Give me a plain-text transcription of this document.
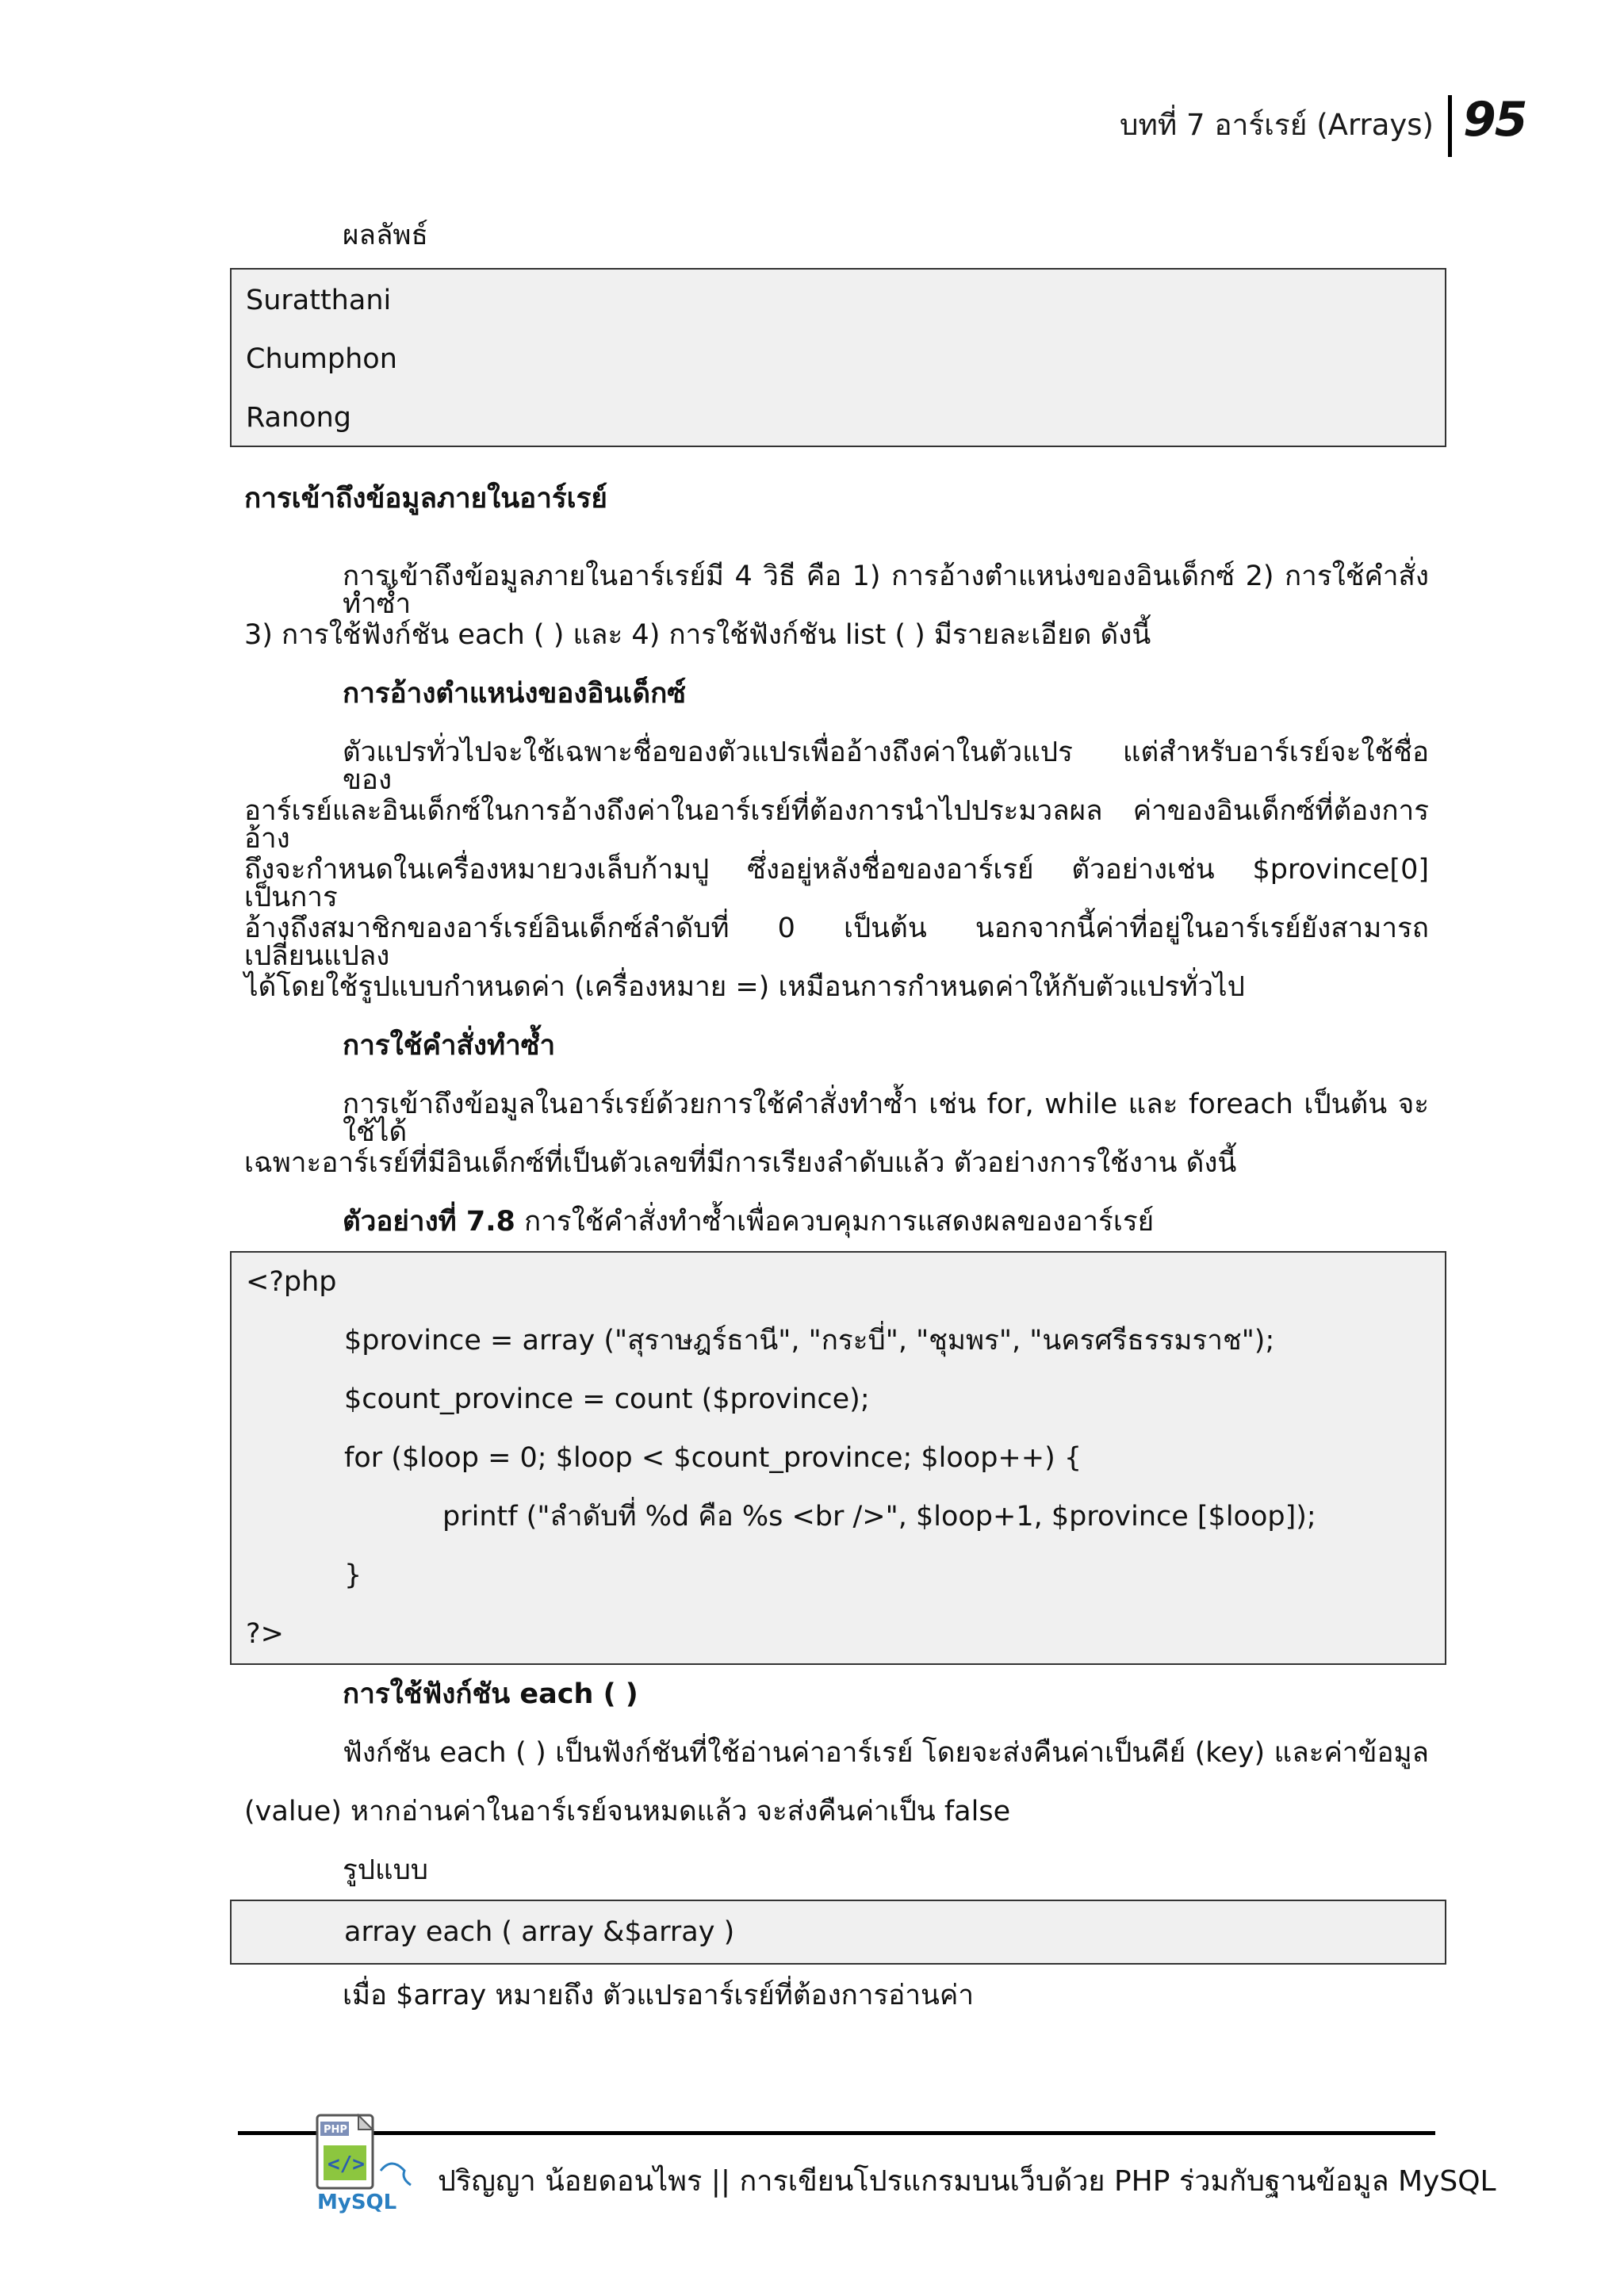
บทที่ 7 อาร์เรย์ (Arrays) 95
ผลลัพธ์
Suratthani
Chumphon
Ranong
การเข้าถึงข้อมูลภายในอาร์เรย์
การเข้าถึงข้อมูลภายในอาร์เรย์มี 4 วิธี คือ 1) การอ้างตำแหน่งของอินเด็กซ์ 2) การใช้คำสั่งทำซ้ำ
3) การใช้ฟังก์ชัน each ( ) และ 4) การใช้ฟังก์ชัน list ( ) มีรายละเอียด ดังนี้
การอ้างตำแหน่งของอินเด็กซ์
ตัวแปรทั่วไปจะใช้เฉพาะชื่อของตัวแปรเพื่ออ้างถึงค่าในตัวแปร แต่สำหรับอาร์เรย์จะใช้ชื่อของ
อาร์เรย์และอินเด็กซ์ในการอ้างถึงค่าในอาร์เรย์ที่ต้องการนำไปประมวลผล ค่าของอินเด็กซ์ที่ต้องการอ้าง
ถึงจะกำหนดในเครื่องหมายวงเล็บก้ามปู ซึ่งอยู่หลังชื่อของอาร์เรย์ ตัวอย่างเช่น $province[0] เป็นการ
อ้างถึงสมาชิกของอาร์เรย์อินเด็กซ์ลำดับที่ 0 เป็นต้น นอกจากนี้ค่าที่อยู่ในอาร์เรย์ยังสามารถเปลี่ยนแปลง
ได้โดยใช้รูปแบบกำหนดค่า (เครื่องหมาย =) เหมือนการกำหนดค่าให้กับตัวแปรทั่วไป
การใช้คำสั่งทำซ้ำ
การเข้าถึงข้อมูลในอาร์เรย์ด้วยการใช้คำสั่งทำซ้ำ เช่น for, while และ foreach เป็นต้น จะใช้ได้
เฉพาะอาร์เรย์ที่มีอินเด็กซ์ที่เป็นตัวเลขที่มีการเรียงลำดับแล้ว ตัวอย่างการใช้งาน ดังนี้
ตัวอย่างที่ 7.8 การใช้คำสั่งทำซ้ำเพื่อควบคุมการแสดงผลของอาร์เรย์
<?php
$province = array ("สุราษฎร์ธานี", "กระบี่", "ชุมพร", "นครศรีธรรมราช");
$count_province = count ($province);
for ($loop = 0; $loop < $count_province; $loop++) {
printf ("ลำดับที่ %d คือ %s <br />", $loop+1, $province [$loop]);
}
?>
การใช้ฟังก์ชัน each ( )
ฟังก์ชัน each ( ) เป็นฟังก์ชันที่ใช้อ่านค่าอาร์เรย์ โดยจะส่งคืนค่าเป็นคีย์ (key) และค่าข้อมูล
(value) หากอ่านค่าในอาร์เรย์จนหมดแล้ว จะส่งคืนค่าเป็น false
รูปแบบ
array each ( array &$array )
เมื่อ $array หมายถึง ตัวแปรอาร์เรย์ที่ต้องการอ่านค่า
PHP
</>
MySQL
ปริญญา น้อยดอนไพร || การเขียนโปรแกรมบนเว็บด้วย PHP ร่วมกับฐานข้อมูล MySQL
